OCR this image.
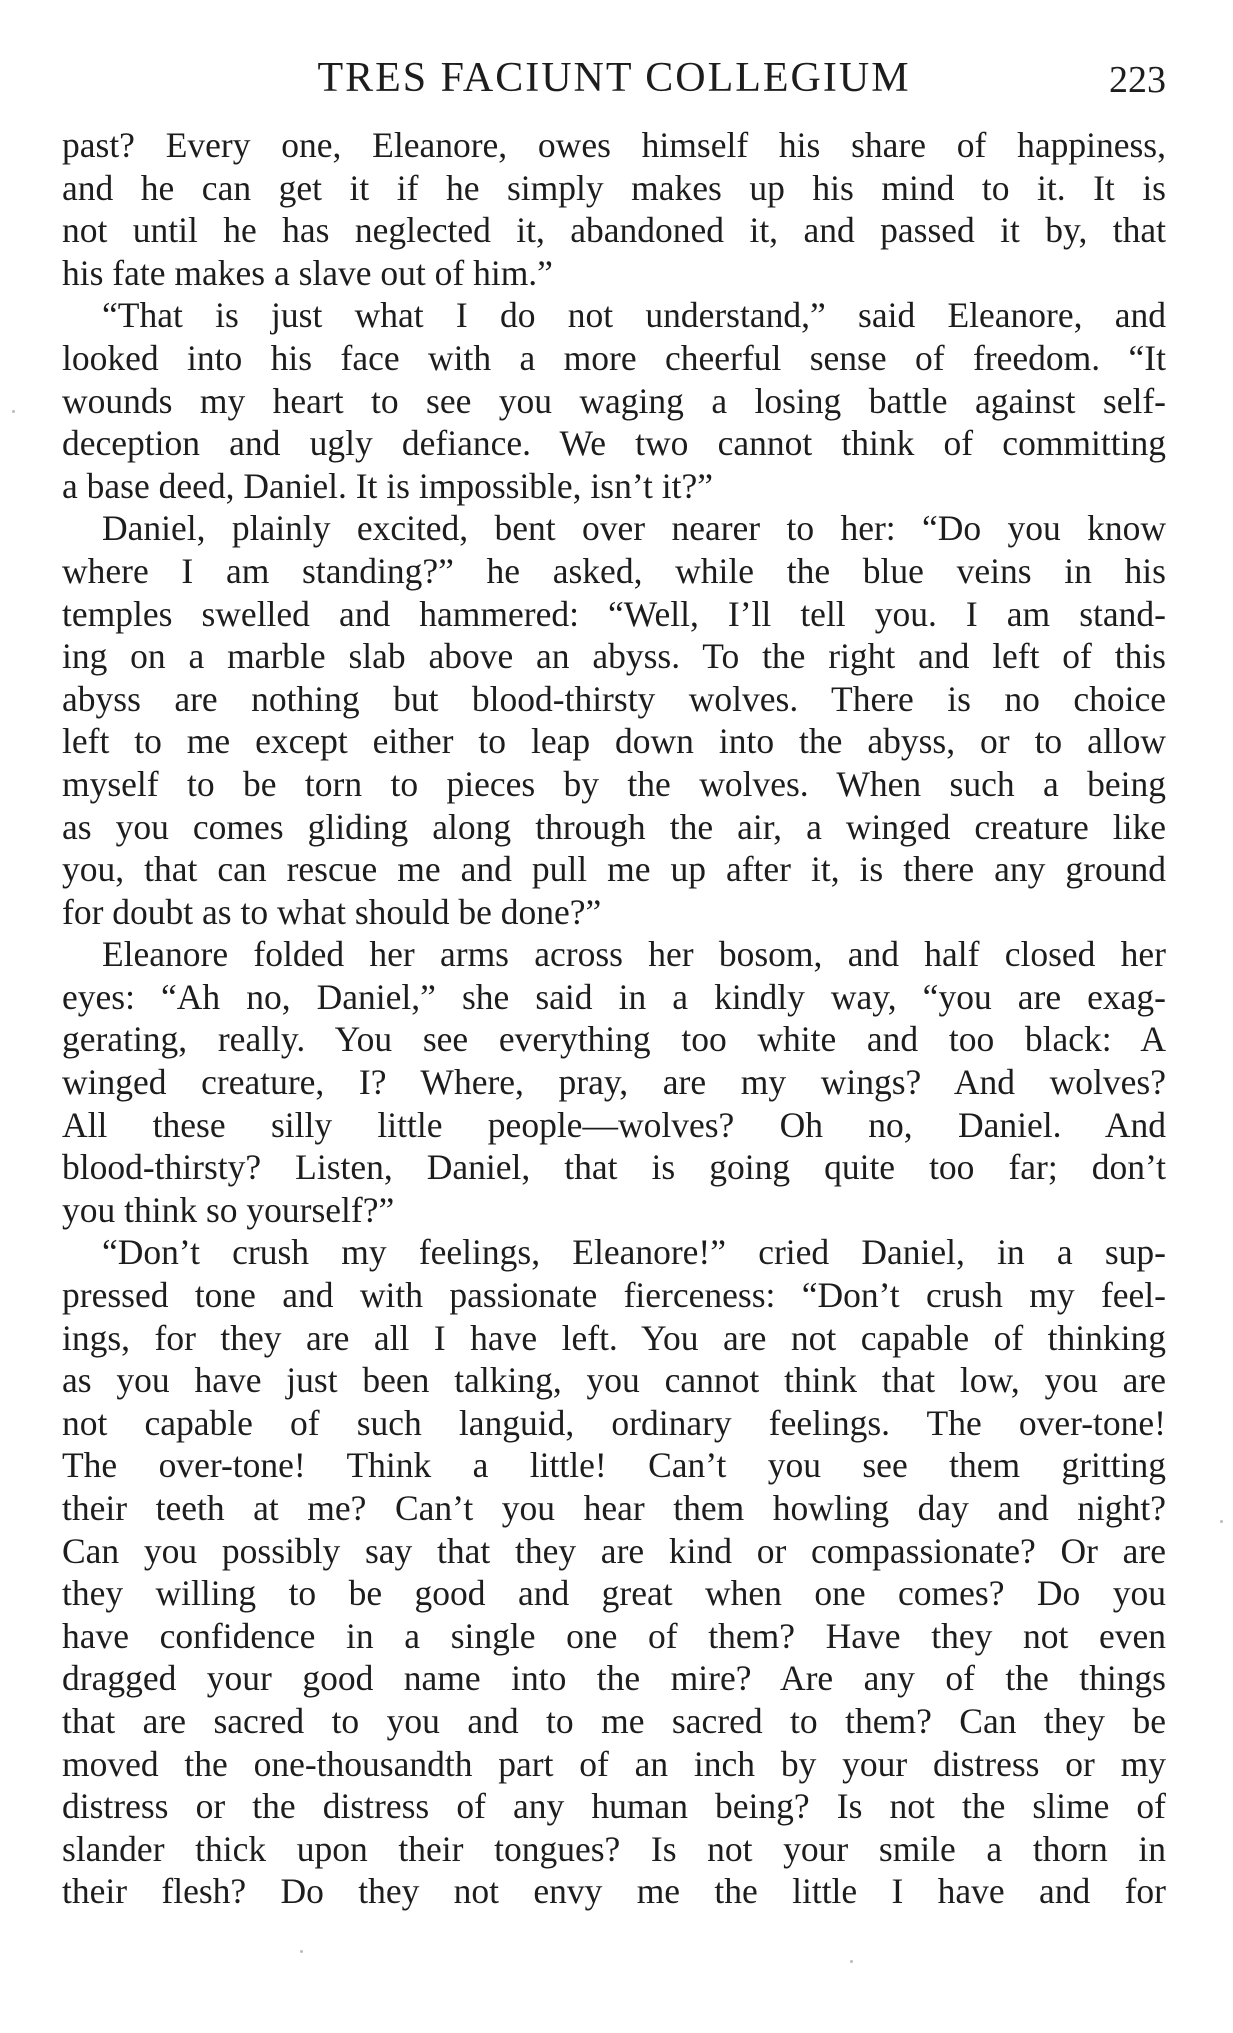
TRES FACIUNT COLLEGIUM	223
past? Every one, Eleanore, owes himself his share of happiness,
and he can get it if he simply makes up his mind to it. It is
not until he has neglected it, abandoned it, and passed it by, that
his fate makes a slave out of him.”
“That is just what I do not understand,” said Eleanore, and
looked into his face with a more cheerful sense of freedom. “It
wounds my heart to see you waging a losing battle against self-
deception and ugly defiance. We two cannot think of committing
a base deed, Daniel. It is impossible, isn’t it?”
Daniel, plainly excited, bent over nearer to her: “Do you know
where I am standing?” he asked, while the blue veins in his
temples swelled and hammered: “Well, I’ll tell you. I am stand-
ing on a marble slab above an abyss. To the right and left of this
abyss are nothing but blood-thirsty wolves. There is no choice
left to me except either to leap down into the abyss, or to allow
myself to be torn to pieces by the wolves. When such a being
as you comes gliding along through the air, a winged creature like
you, that can rescue me and pull me up after it, is there any ground
for doubt as to what should be done?”
Eleanore folded her arms across her bosom, and half closed her
eyes: “Ah no, Daniel,” she said in a kindly way, “you are exag-
gerating, really. You see everything too white and too black: A
winged creature, I? Where, pray, are my wings? And wolves?
All these silly little people—wolves? Oh no, Daniel. And
blood-thirsty? Listen, Daniel, that is going quite too far; don’t
you think so yourself?”
“Don’t crush my feelings, Eleanore!” cried Daniel, in a sup-
pressed tone and with passionate fierceness: “Don’t crush my feel-
ings, for they are all I have left. You are not capable of thinking
as you have just been talking, you cannot think that low, you are
not capable of such languid, ordinary feelings. The over-tone!
The over-tone! Think a little! Can’t you see them gritting
their teeth at me? Can’t you hear them howling day and night?
Can you possibly say that they are kind or compassionate? Or are
they willing to be good and great when one comes? Do you
have confidence in a single one of them? Have they not even
dragged your good name into the mire? Are any of the things
that are sacred to you and to me sacred to them? Can they be
moved the one-thousandth part of an inch by your distress or my
distress or the distress of any human being? Is not the slime of
slander thick upon their tongues? Is not your smile a thorn in
their flesh? Do they not envy me the little I have and for
